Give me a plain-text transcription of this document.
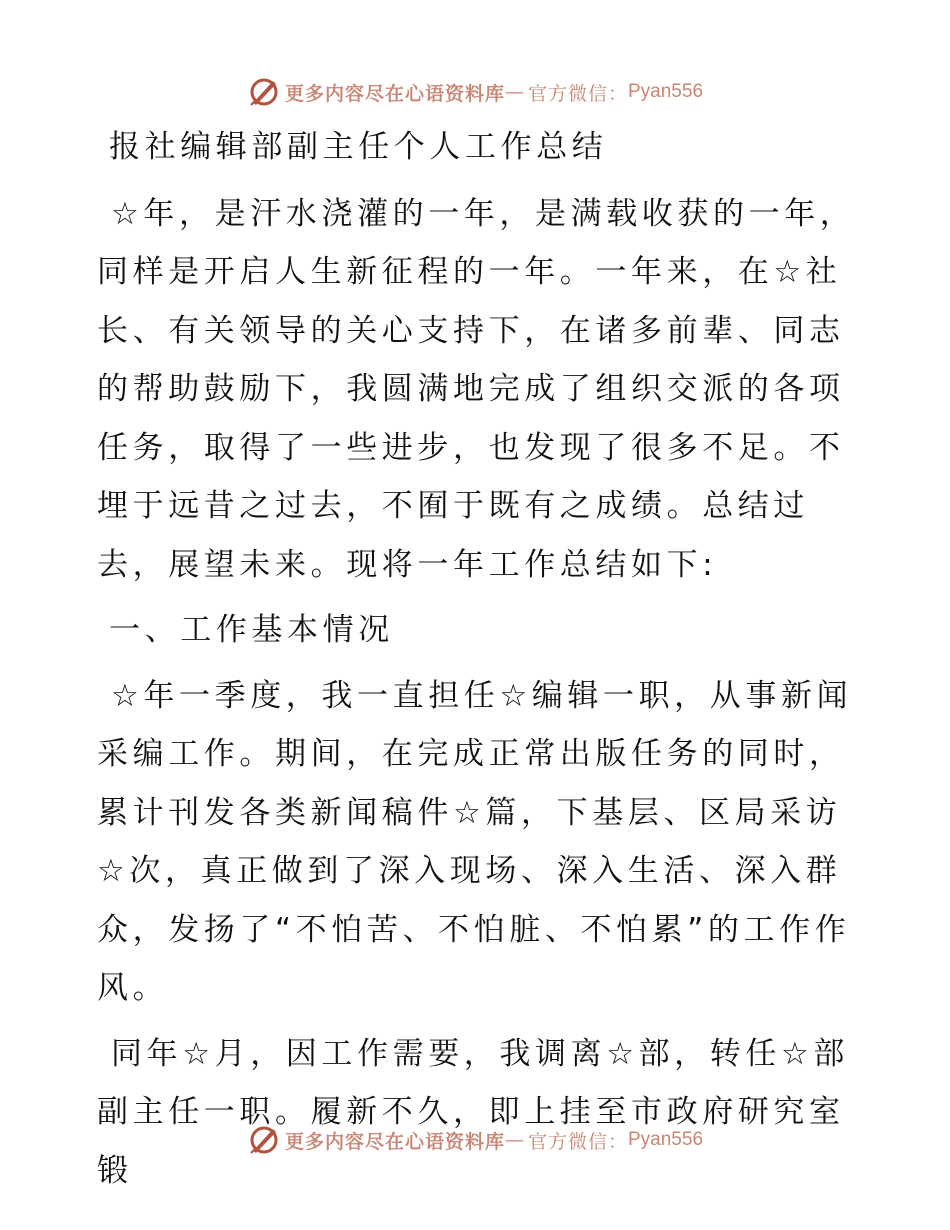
更多内容尽在心语资料库 — 官方微信： Pyan556

报社编辑部副主任个人工作总结

☆年，是汗水浇灌的一年，是满载收获的一年，同样是开启人生新征程的一年。一年来，在☆社长、有关领导的关心支持下，在诸多前辈、同志的帮助鼓励下，我圆满地完成了组织交派的各项任务，取得了一些进步，也发现了很多不足。不埋于远昔之过去，不囿于既有之成绩。总结过去，展望未来。现将一年工作总结如下:

一、工作基本情况

☆年一季度，我一直担任☆编辑一职，从事新闻采编工作。期间，在完成正常出版任务的同时，累计刊发各类新闻稿件☆篇，下基层、区局采访☆次，真正做到了深入现场、深入生活、深入群众，发扬了“不怕苦、不怕脏、不怕累”的工作作风。

同年☆月，因工作需要，我调离☆部，转任☆部副主任一职。履新不久，即上挂至市政府研究室锻

更多内容尽在心语资料库 — 官方微信： Pyan556
